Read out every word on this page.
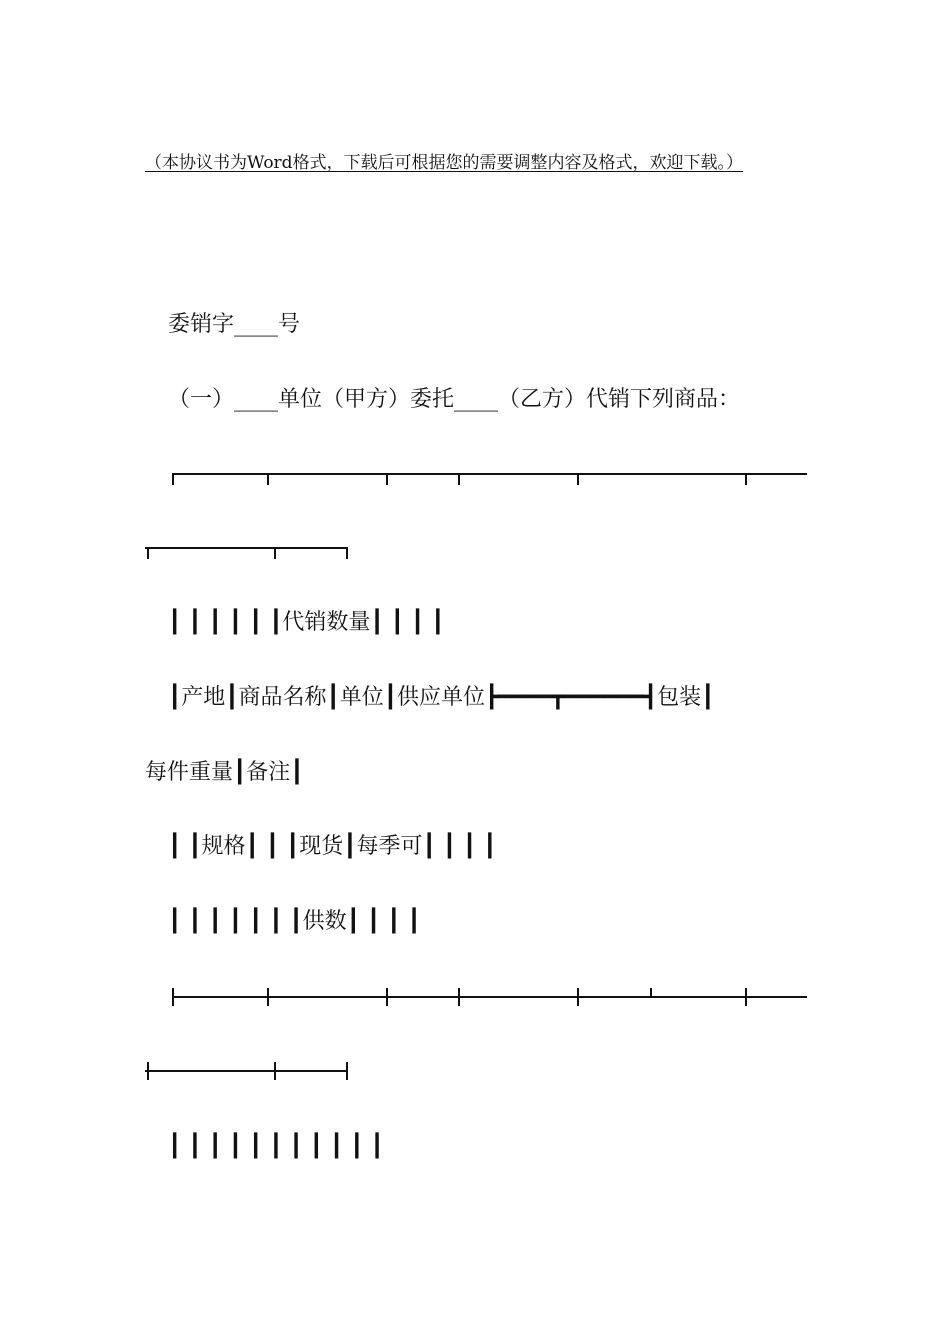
（本协议书为Word格式，下载后可根据您的需要调整内容及格式，欢迎下载。）
委销字____号
（一）____单位（甲方）委托____（乙方）代销下列商品：
┃ ┃ ┃ ┃ ┃ ┃代销数量┃ ┃ ┃ ┃
┃产地┃商品名称┃单位┃供应单位┣━━━━┳━━━━━━┫包装┃
每件重量┃备注┃
┃ ┃规格┃ ┃ ┃现货┃每季可┃ ┃ ┃ ┃
┃ ┃ ┃ ┃ ┃ ┃ ┃供数┃ ┃ ┃ ┃
┃ ┃ ┃ ┃ ┃ ┃ ┃ ┃ ┃ ┃ ┃
